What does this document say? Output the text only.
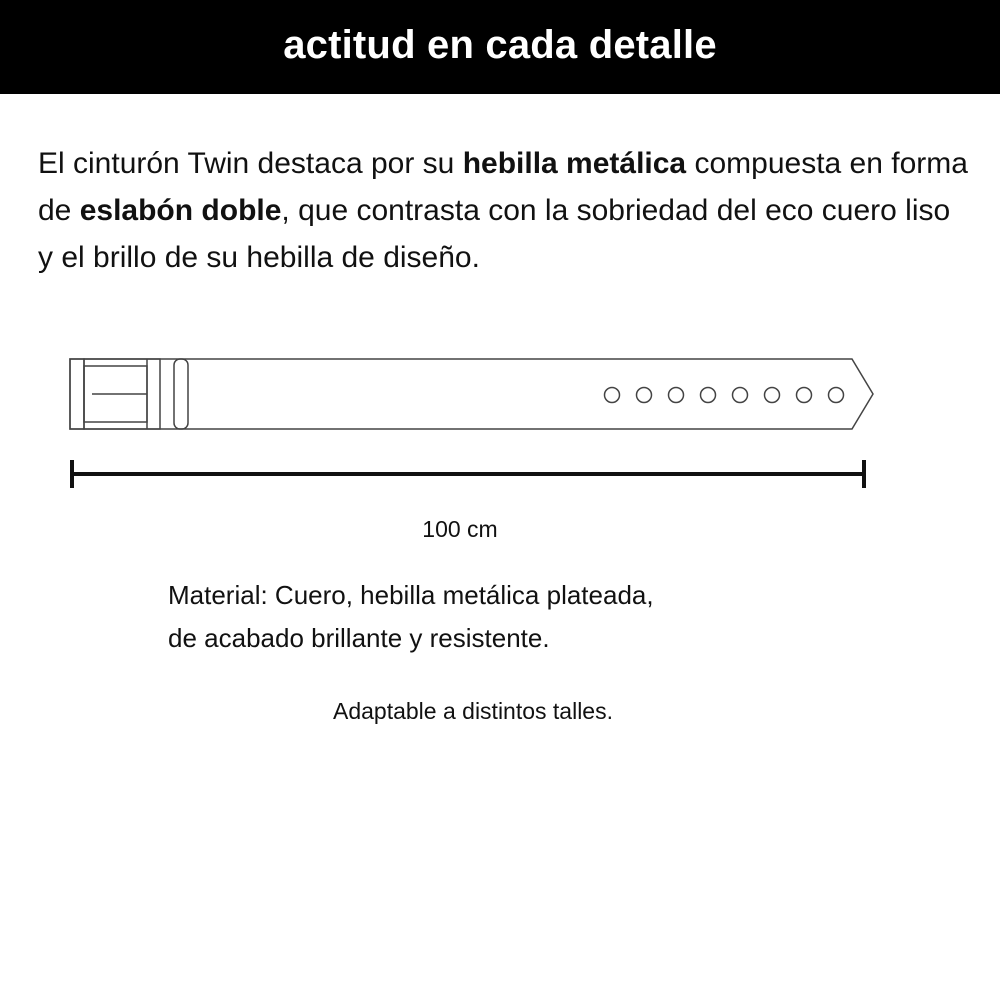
actitud en cada detalle

El cinturón Twin destaca por su hebilla metálica compuesta en forma de eslabón doble, que contrasta con la sobriedad del eco cuero liso y el brillo de su hebilla de diseño.

100 cm

Material: Cuero, hebilla metálica plateada,
de acabado brillante y resistente.

Adaptable a distintos talles.
